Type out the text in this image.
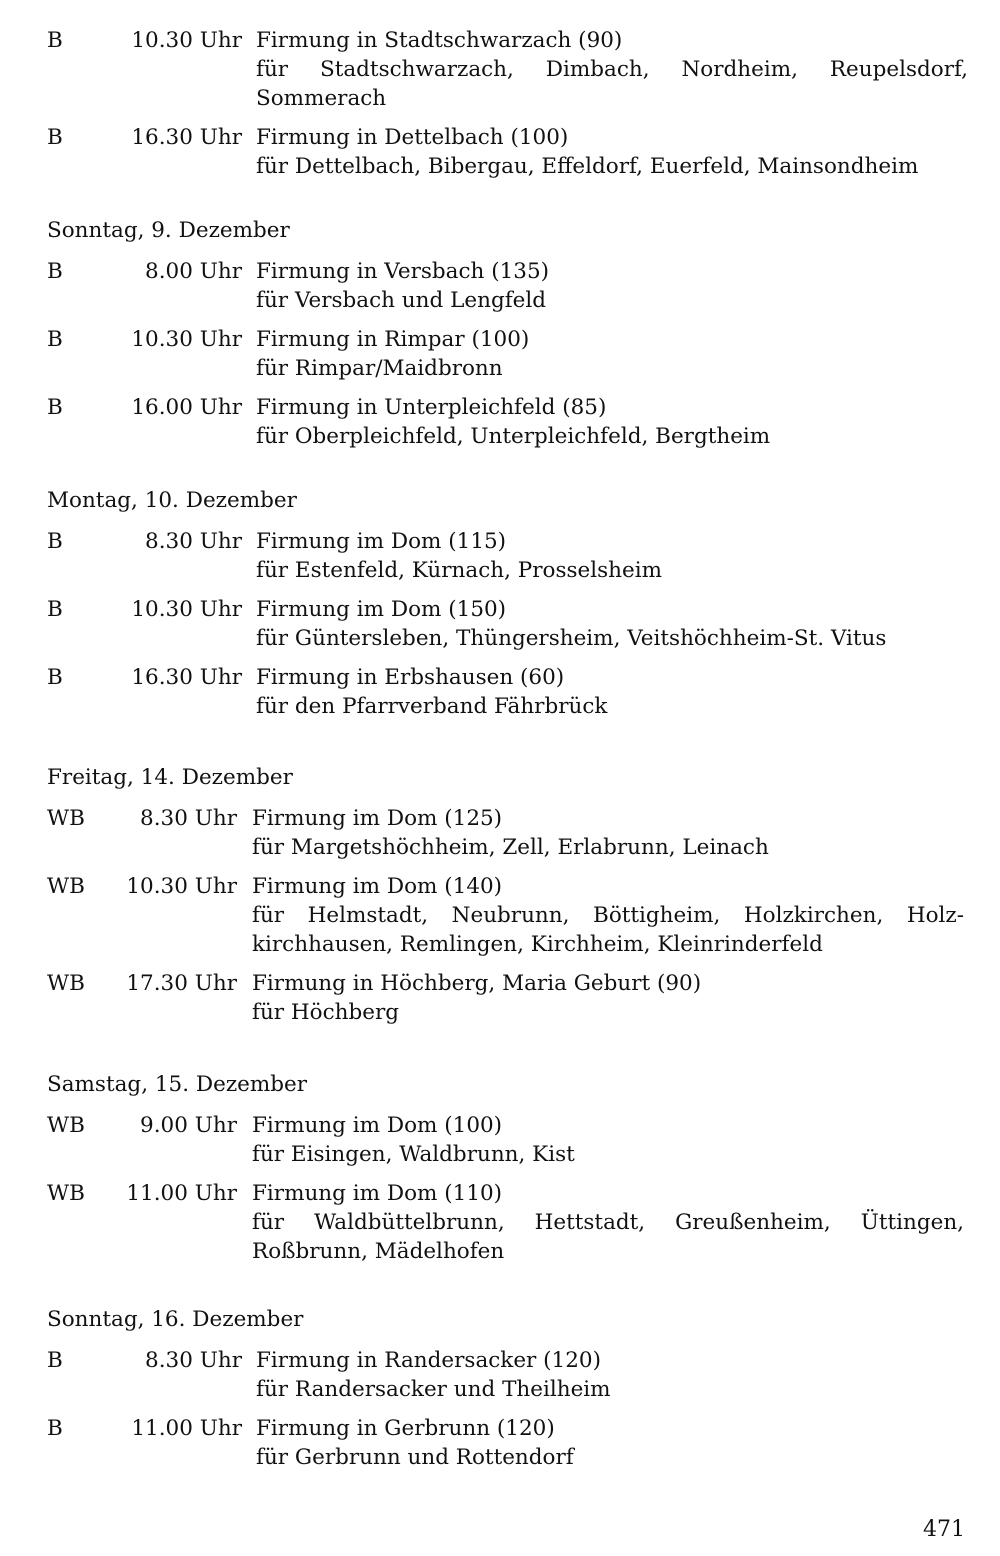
B	10.30 Uhr Firmung in Stadtschwarzach (90)
für Stadtschwarzach, Dimbach, Nordheim, Reupelsdorf, Sommerach
B	16.30 Uhr Firmung in Dettelbach (100)
für Dettelbach, Bibergau, Effeldorf, Euerfeld, Mainsondheim
Sonntag, 9. Dezember
B	8.00 Uhr Firmung in Versbach (135)
für Versbach und Lengfeld
B	10.30 Uhr Firmung in Rimpar (100)
für Rimpar/Maidbronn
B	16.00 Uhr Firmung in Unterpleichfeld (85)
für Oberpleichfeld, Unterpleichfeld, Bergtheim
Montag, 10. Dezember
B	8.30 Uhr Firmung im Dom (115)
für Estenfeld, Kürnach, Prosselsheim
B	10.30 Uhr Firmung im Dom (150)
für Güntersleben, Thüngersheim, Veitshöchheim-St. Vitus
B	16.30 Uhr Firmung in Erbshausen (60)
für den Pfarrverband Fährbrück
Freitag, 14. Dezember
WB	8.30 Uhr Firmung im Dom (125)
für Margetshöchheim, Zell, Erlabrunn, Leinach
WB	10.30 Uhr Firmung im Dom (140)
für Helmstadt, Neubrunn, Böttigheim, Holzkirchen, Holz-kirchhausen, Remlingen, Kirchheim, Kleinrinderfeld
WB	17.30 Uhr Firmung in Höchberg, Maria Geburt (90)
für Höchberg
Samstag, 15. Dezember
WB	9.00 Uhr Firmung im Dom (100)
für Eisingen, Waldbrunn, Kist
WB	11.00 Uhr Firmung im Dom (110)
für Waldbüttelbrunn, Hettstadt, Greußenheim, Üttingen, Roßbrunn, Mädelhofen
Sonntag, 16. Dezember
B	8.30 Uhr Firmung in Randersacker (120)
für Randersacker und Theilheim
B	11.00 Uhr Firmung in Gerbrunn (120)
für Gerbrunn und Rottendorf
471
